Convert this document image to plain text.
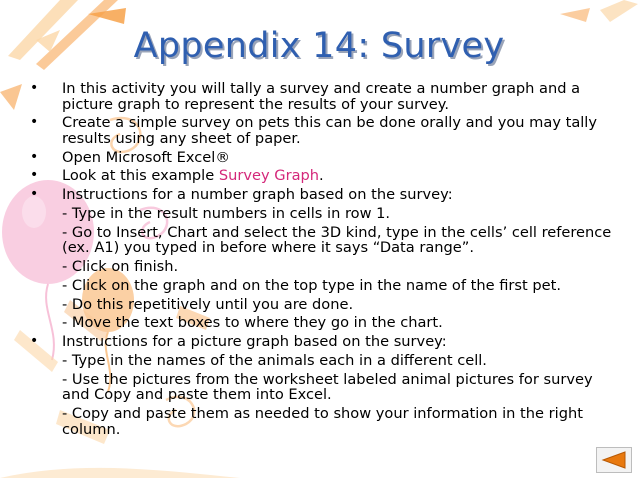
Appendix 14: Survey
• In this activity you will tally a survey and create a number graph and a picture graph to represent the results of your survey.
• Create a simple survey on pets this can be done orally and you may tally results using any sheet of paper.
• Open Microsoft Excel®
• Look at this example Survey Graph.
• Instructions for a number graph based on the survey:
- Type in the result numbers in cells in row 1.
- Go to Insert, Chart and select the 3D kind, type in the cells’ cell reference (ex. A1) you typed in before where it says “Data range”.
- Click on finish.
- Click on the graph and on the top type in the name of the first pet.
- Do this repetitively until you are done.
- Move the text boxes to where they go in the chart.
• Instructions for a picture graph based on the survey:
- Type in the names of the animals each in a different cell.
- Use the pictures from the worksheet labeled animal pictures for survey and Copy and paste them into Excel.
- Copy and paste them as needed to show your information in the right column.
